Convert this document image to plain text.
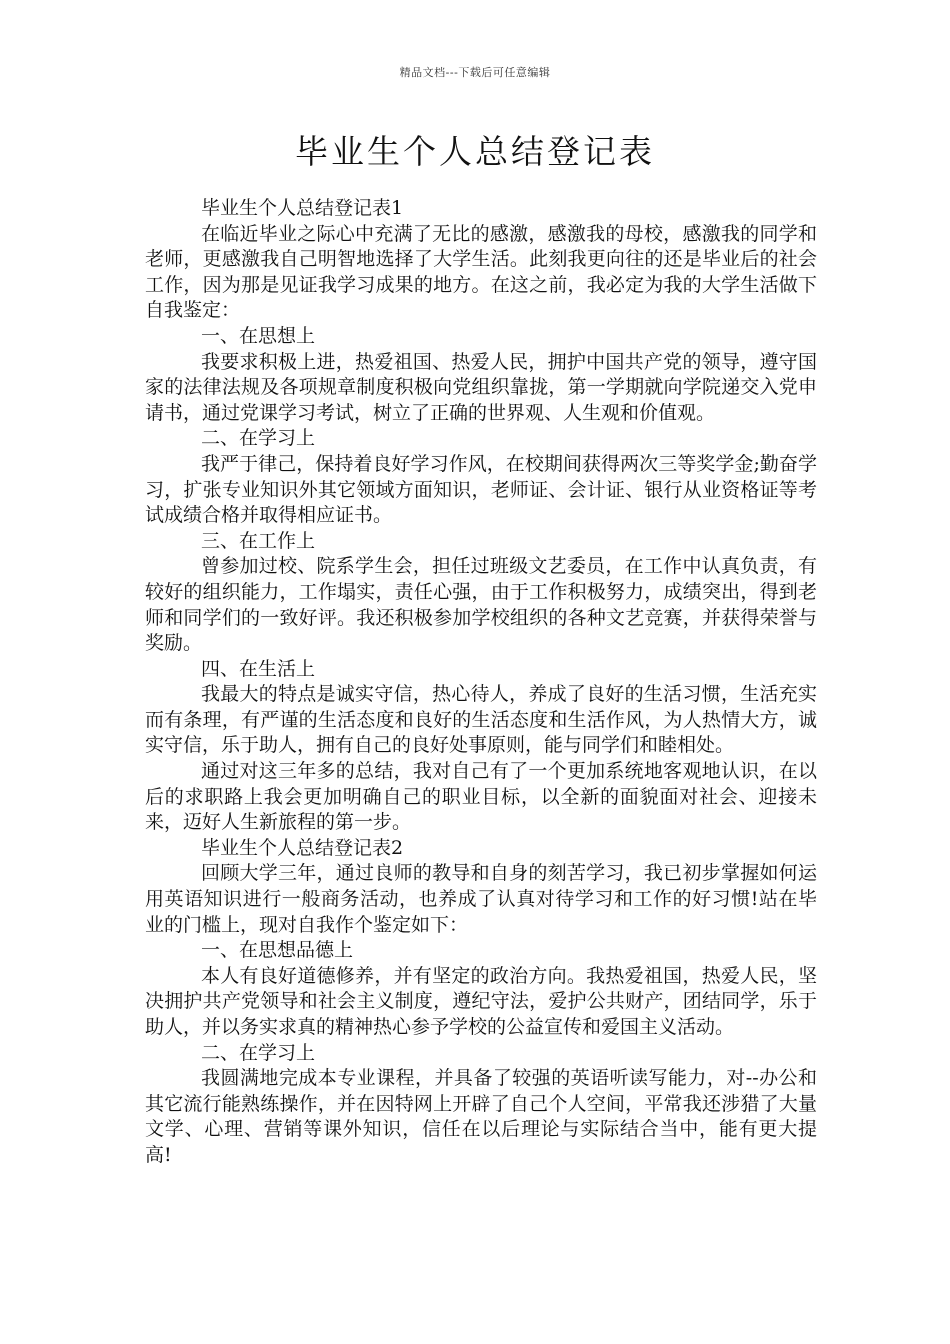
精品文档---下载后可任意编辑
毕业生个人总结登记表

毕业生个人总结登记表1

在临近毕业之际心中充满了无比的感激，感激我的母校，感激我的同学和老师，更感激我自己明智地选择了大学生活。此刻我更向往的还是毕业后的社会工作，因为那是见证我学习成果的地方。在这之前，我必定为我的大学生活做下自我鉴定：

一、在思想上

我要求积极上进，热爱祖国、热爱人民，拥护中国共产党的领导，遵守国家的法律法规及各项规章制度积极向党组织靠拢，第一学期就向学院递交入党申请书，通过党课学习考试，树立了正确的世界观、人生观和价值观。

二、在学习上

我严于律己，保持着良好学习作风，在校期间获得两次三等奖学金;勤奋学习，扩张专业知识外其它领域方面知识，老师证、会计证、银行从业资格证等考试成绩合格并取得相应证书。

三、在工作上

曾参加过校、院系学生会，担任过班级文艺委员，在工作中认真负责，有较好的组织能力，工作塌实，责任心强，由于工作积极努力，成绩突出，得到老师和同学们的一致好评。我还积极参加学校组织的各种文艺竞赛，并获得荣誉与奖励。

四、在生活上

我最大的特点是诚实守信，热心待人，养成了良好的生活习惯，生活充实而有条理，有严谨的生活态度和良好的生活态度和生活作风，为人热情大方，诚实守信，乐于助人，拥有自己的良好处事原则，能与同学们和睦相处。

通过对这三年多的总结，我对自己有了一个更加系统地客观地认识，在以后的求职路上我会更加明确自己的职业目标，以全新的面貌面对社会、迎接未来，迈好人生新旅程的第一步。

毕业生个人总结登记表2

回顾大学三年，通过良师的教导和自身的刻苦学习，我已初步掌握如何运用英语知识进行一般商务活动，也养成了认真对待学习和工作的好习惯!站在毕业的门槛上，现对自我作个鉴定如下：

一、在思想品德上

本人有良好道德修养，并有坚定的政治方向。我热爱祖国，热爱人民，坚决拥护共产党领导和社会主义制度，遵纪守法，爱护公共财产，团结同学，乐于助人，并以务实求真的精神热心参予学校的公益宣传和爱国主义活动。

二、在学习上

我圆满地完成本专业课程，并具备了较强的英语听读写能力，对--办公和其它流行能熟练操作，并在因特网上开辟了自己个人空间，平常我还涉猎了大量文学、心理、营销等课外知识，信任在以后理论与实际结合当中，能有更大提高!
